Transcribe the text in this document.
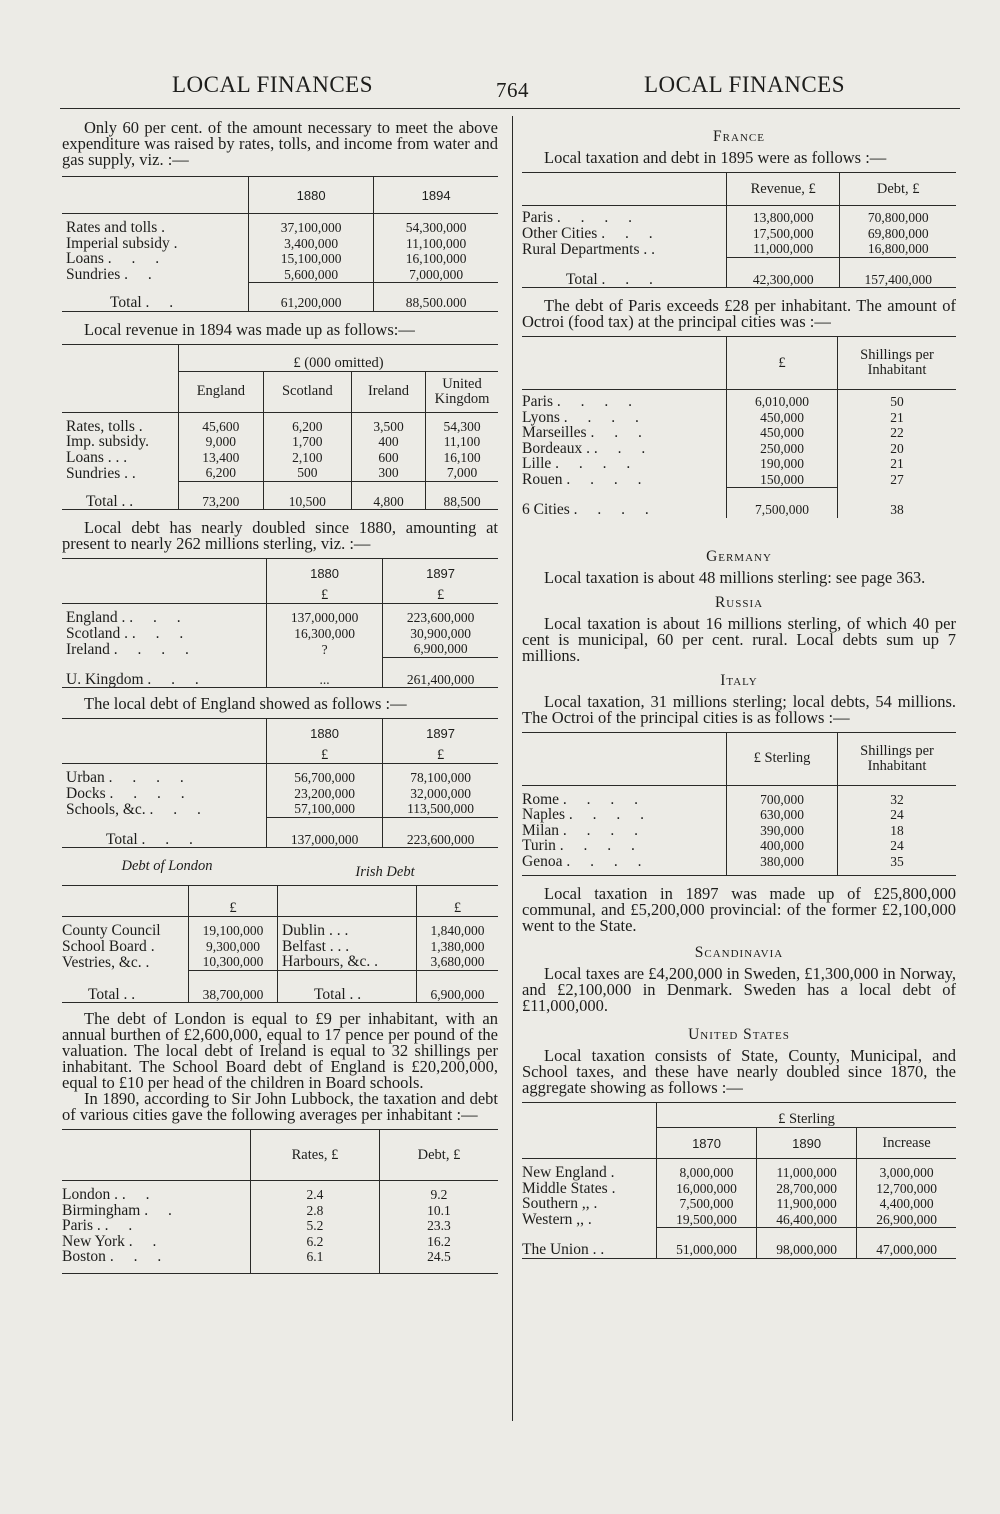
LOCAL FINANCES	764	LOCAL FINANCES

Only 60 per cent. of the amount necessary to meet the above expenditure was raised by rates, tolls, and income from water and gas supply, viz. :—

	1880	1894
Rates and tolls .	37,100,000	54,300,000
Imperial subsidy .	3,400,000	11,100,000
Loans . . .	15,100,000	16,100,000
Sundries . .	5,600,000	7,000,000
Total . .	61,200,000	88,500.000

Local revenue in 1894 was made up as follows:—

	£ (000 omitted)			
	England	Scotland	Ireland	United Kingdom
Rates, tolls .	45,600	6,200	3,500	54,300
Imp. subsidy.	9,000	1,700	400	11,100
Loans . . .	13,400	2,100	600	16,100
Sundries . .	6,200	500	300	7,000
Total . .	73,200	10,500	4,800	88,500

Local debt has nearly doubled since 1880, amounting at present to nearly 262 millions sterling, viz. :—

	1880	1897
	£	£
England . . . .	137,000,000	223,600,000
Scotland . . . .	16,300,000	30,900,000
Ireland . . . .	?	6,900,000
U. Kingdom . . .	...	261,400,000

The local debt of England showed as follows :—

	1880	1897
	£	£
Urban . . . .	56,700,000	78,100,000
Docks . . . .	23,200,000	32,000,000
Schools, &c. . . .	57,100,000	113,500,000
Total . . .	137,000,000	223,600,000
Debt of London	Irish Debt
	£		£
County Council	19,100,000	Dublin . . .	1,840,000
School Board .	9,300,000	Belfast . . .	1,380,000
Vestries, &c. .	10,300,000	Harbours, &c. .	3,680,000
Total . .	38,700,000	Total . .	6,900,000

The debt of London is equal to £9 per inhabitant, with an annual burthen of £2,600,000, equal to 17 pence per pound of the valuation. The local debt of Ireland is equal to 32 shillings per inhabitant. The School Board debt of England is £20,200,000, equal to £10 per head of the children in Board schools.

In 1890, according to Sir John Lubbock, the taxation and debt of various cities gave the following averages per inhabitant :—

	Rates, £	Debt, £
London . . .	2.4	9.2
Birmingham . .	2.8	10.1
Paris . . .	5.2	23.3
New York . .	6.2	16.2
Boston . . .	6.1	24.5
France

Local taxation and debt in 1895 were as follows :—

	Revenue, £	Debt, £
Paris . . . .	13,800,000	70,800,000
Other Cities . . .	17,500,000	69,800,000
Rural Departments . .	11,000,000	16,800,000
Total . . .	42,300,000	157,400,000

The debt of Paris exceeds £28 per inhabitant. The amount of Octroi (food tax) at the principal cities was :—

	£	Shillings per Inhabitant
Paris . . . .	6,010,000	50
Lyons . . . .	450,000	21
Marseilles . . .	450,000	22
Bordeaux . . . .	250,000	20
Lille . . . .	190,000	21
Rouen . . . .	150,000	27
6 Cities . . . .	7,500,000	38
Germany

Local taxation is about 48 millions sterling: see page 363.

Russia

Local taxation is about 16 millions sterling, of which 40 per cent is municipal, 60 per cent. rural. Local debts sum up 7 millions.

Italy

Local taxation, 31 millions sterling; local debts, 54 millions. The Octroi of the principal cities is as follows :—

	£ Sterling	Shillings per Inhabitant
Rome . . . .	700,000	32
Naples . . . .	630,000	24
Milan . . . .	390,000	18
Turin . . . .	400,000	24
Genoa . . . .	380,000	35

Local taxation in 1897 was made up of £25,800,000 communal, and £5,200,000 provincial: of the former £2,100,000 went to the State.

Scandinavia

Local taxes are £4,200,000 in Sweden, £1,300,000 in Norway, and £2,100,000 in Denmark. Sweden has a local debt of £11,000,000.

United States

Local taxation consists of State, County, Municipal, and School taxes, and these have nearly doubled since 1870, the aggregate showing as follows :—

	£ Sterling		
	1870	1890	Increase
New England .	8,000,000	11,000,000	3,000,000
Middle States .	16,000,000	28,700,000	12,700,000
Southern ,, .	7,500,000	11,900,000	4,400,000
Western ,, .	19,500,000	46,400,000	26,900,000
The Union . .	51,000,000	98,000,000	47,000,000
